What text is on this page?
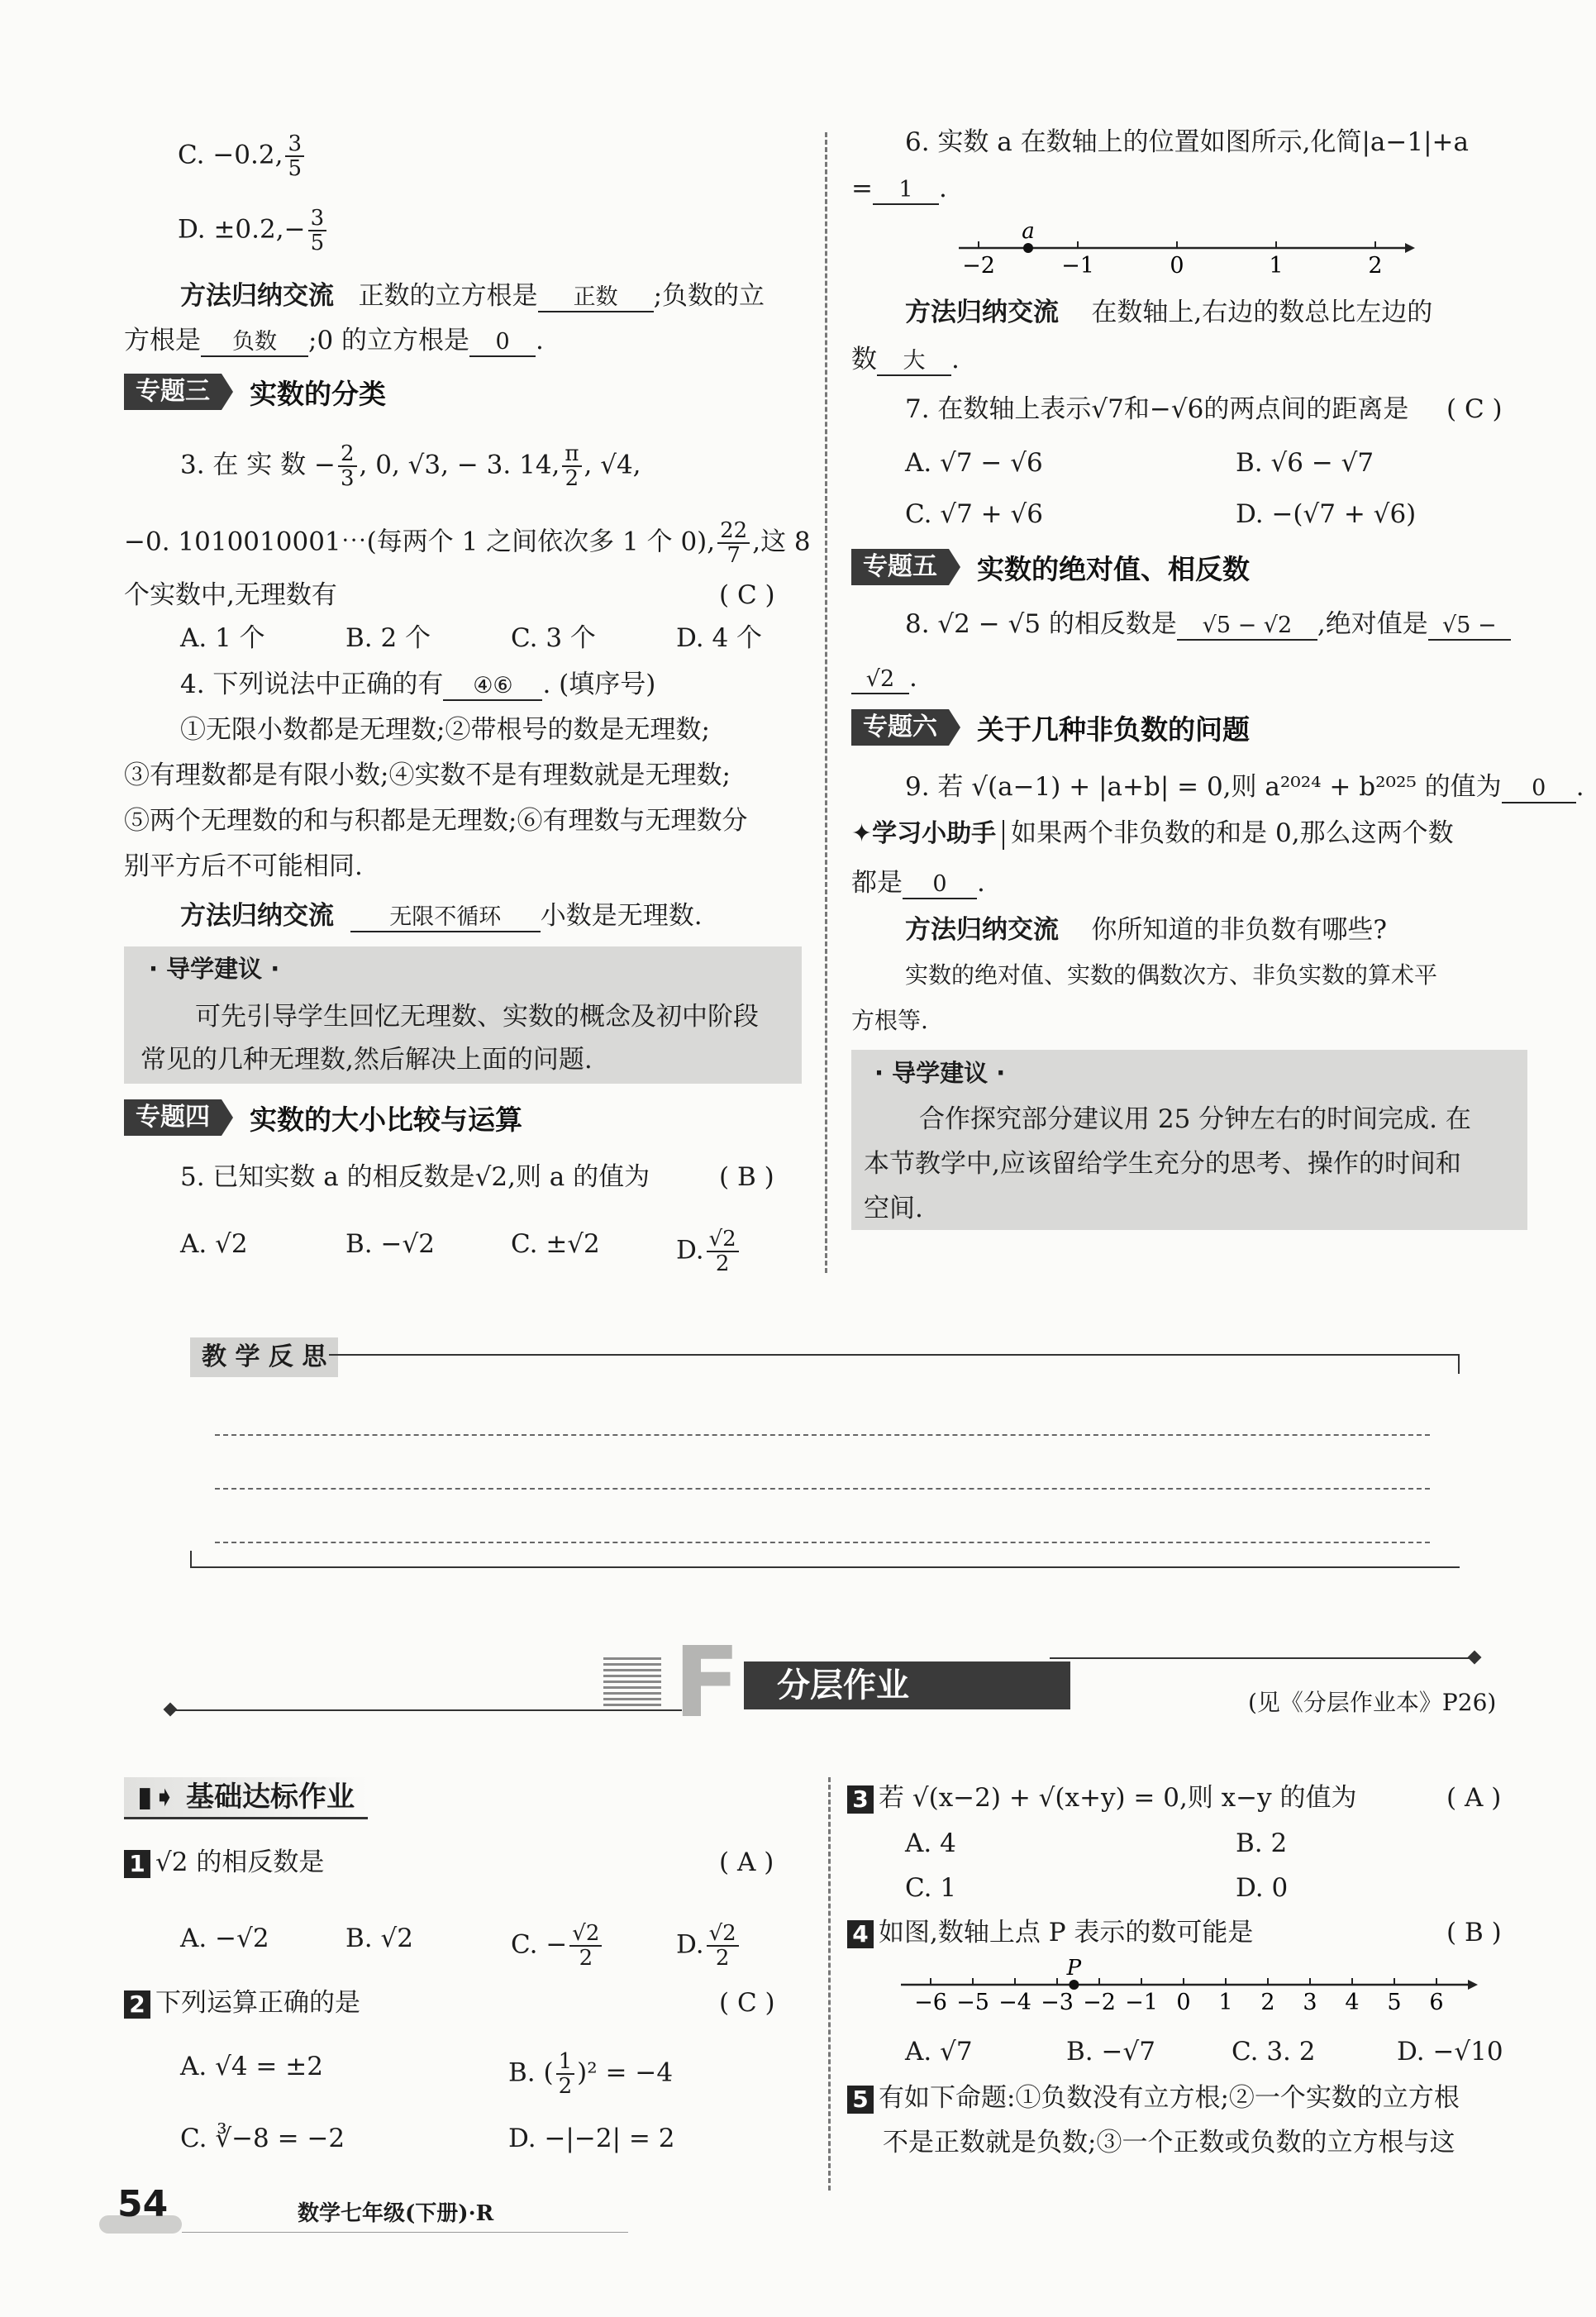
C. −0.2, $\frac{3}{5}$
D. $\pm 0.2,- \frac{3}{5}$
方法归纳交流 正数的立方根是 正数 ;负数的立
方根是 负数 ;0 的立方根是 0 .
专题三	实数的分类
3. 在 实 数 − $\frac{2}{3}$ , 0, √3, − 3. 14, $\frac{\pi}{2}$ , √4,
−0. 1010010001⋯(每两个 1 之间依次多 1 个 0), $\frac{22}{7}$ ,这 8
个实数中,无理数有	( C )
A. 1 个	B. 2 个	C. 3 个	D. 4 个
4. 下列说法中正确的有 ④⑥ . (填序号)
①无限小数都是无理数;②带根号的数是无理数;
③有理数都是有限小数;④实数不是有理数就是无理数;
⑤两个无理数的和与积都是无理数;⑥有理数与无理数分
别平方后不可能相同.
方法归纳交流 无限不循环 小数是无理数.
· 导学建议 ·
可先引导学生回忆无理数、实数的概念及初中阶段
常见的几种无理数,然后解决上面的问题.
专题四	实数的大小比较与运算
5. 已知实数 a 的相反数是√2,则 a 的值为	( B )
A. √2	B. −√2	C. ±√2	D. $\frac{√2}{2}$
6. 实数 a 在数轴上的位置如图所示,化简|a−1|+a
= 1 .
−2	−1	0	1	2
a
方法归纳交流 在数轴上,右边的数总比左边的
数 大 .
7. 在数轴上表示√7和−√6的两点间的距离是 ( C )
A. √7 − √6	B. √6 − √7
C. √7 + √6	D. −(√7 + √6)
专题五	实数的绝对值、相反数
8. √2 − √5 的相反数是 √5 − √2 ,绝对值是 √5 −
√2 .
专题六	关于几种非负数的问题
9. 若 √(a−1) + |a+b| = 0,则 a²⁰²⁴ + b²⁰²⁵ 的值为 0 .
✦学习小助手 如果两个非负数的和是 0,那么这两个数
都是 0 .
方法归纳交流 你所知道的非负数有哪些?
实数的绝对值、实数的偶数次方、非负实数的算术平
方根等.
· 导学建议 ·
合作探究部分建议用 25 分钟左右的时间完成. 在
本节教学中,应该留给学生充分的思考、操作的时间和
空间.
教 学 反 思
F	分层作业	(见《分层作业本》P26)
▮➧ 基础达标作业
1 √2 的相反数是	( A )
A. −√2	B. √2	C. − $\frac{√2}{2}$	D. $\frac{√2}{2}$
2 下列运算正确的是	( C )
A. √4 = ±2	B. ( $\frac{1}{2} )^2 = -4$
C. ∛−8 = −2	D. −|−2| = 2
3 若 √(x−2) + √(x+y) = 0,则 x−y 的值为	( A )
A. 4	B. 2
C. 1	D. 0
4 如图,数轴上点 P 表示的数可能是	( B )
−6 −5 −4 −3 −2 −1 0 1 2 3 4 5 6
P
A. √7	B. −√7	C. 3. 2	D. −√10
5 有如下命题:①负数没有立方根;②一个实数的立方根
不是正数就是负数;③一个正数或负数的立方根与这
54	数学七年级(下册)·R
